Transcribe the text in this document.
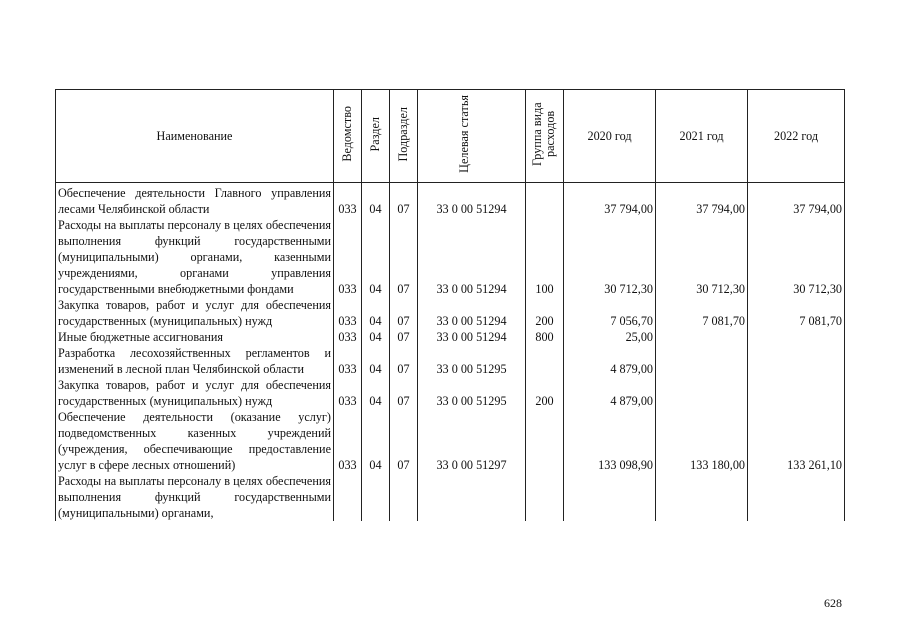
Наименование	Ведомство	Раздел	Подраздел	Целевая статья	Группа вида расходов	2020 год	2021 год	2022 год
Обеспечение деятельности Главного управления лесами Челябинской области	033	04	07	33 0 00 51294		37 794,00	37 794,00	37 794,00
Расходы на выплаты персоналу в целях обеспечения выполнения функций государственными (муниципальными) органами, казенными учреждениями, органами управления государственными внебюджетными фондами	033	04	07	33 0 00 51294	100	30 712,30	30 712,30	30 712,30
Закупка товаров, работ и услуг для обеспечения государственных (муниципальных) нужд	033	04	07	33 0 00 51294	200	7 056,70	7 081,70	7 081,70
Иные бюджетные ассигнования	033	04	07	33 0 00 51294	800	25,00		
Разработка лесохозяйственных регламентов и изменений в лесной план Челябинской области	033	04	07	33 0 00 51295		4 879,00		
Закупка товаров, работ и услуг для обеспечения государственных (муниципальных) нужд	033	04	07	33 0 00 51295	200	4 879,00		
Обеспечение деятельности (оказание услуг) подведомственных казенных учреждений (учреждения, обеспечивающие предоставление услуг в сфере лесных отношений)	033	04	07	33 0 00 51297		133 098,90	133 180,00	133 261,10
Расходы на выплаты персоналу в целях обеспечения выполнения функций государственными (муниципальными) органами,								
628
